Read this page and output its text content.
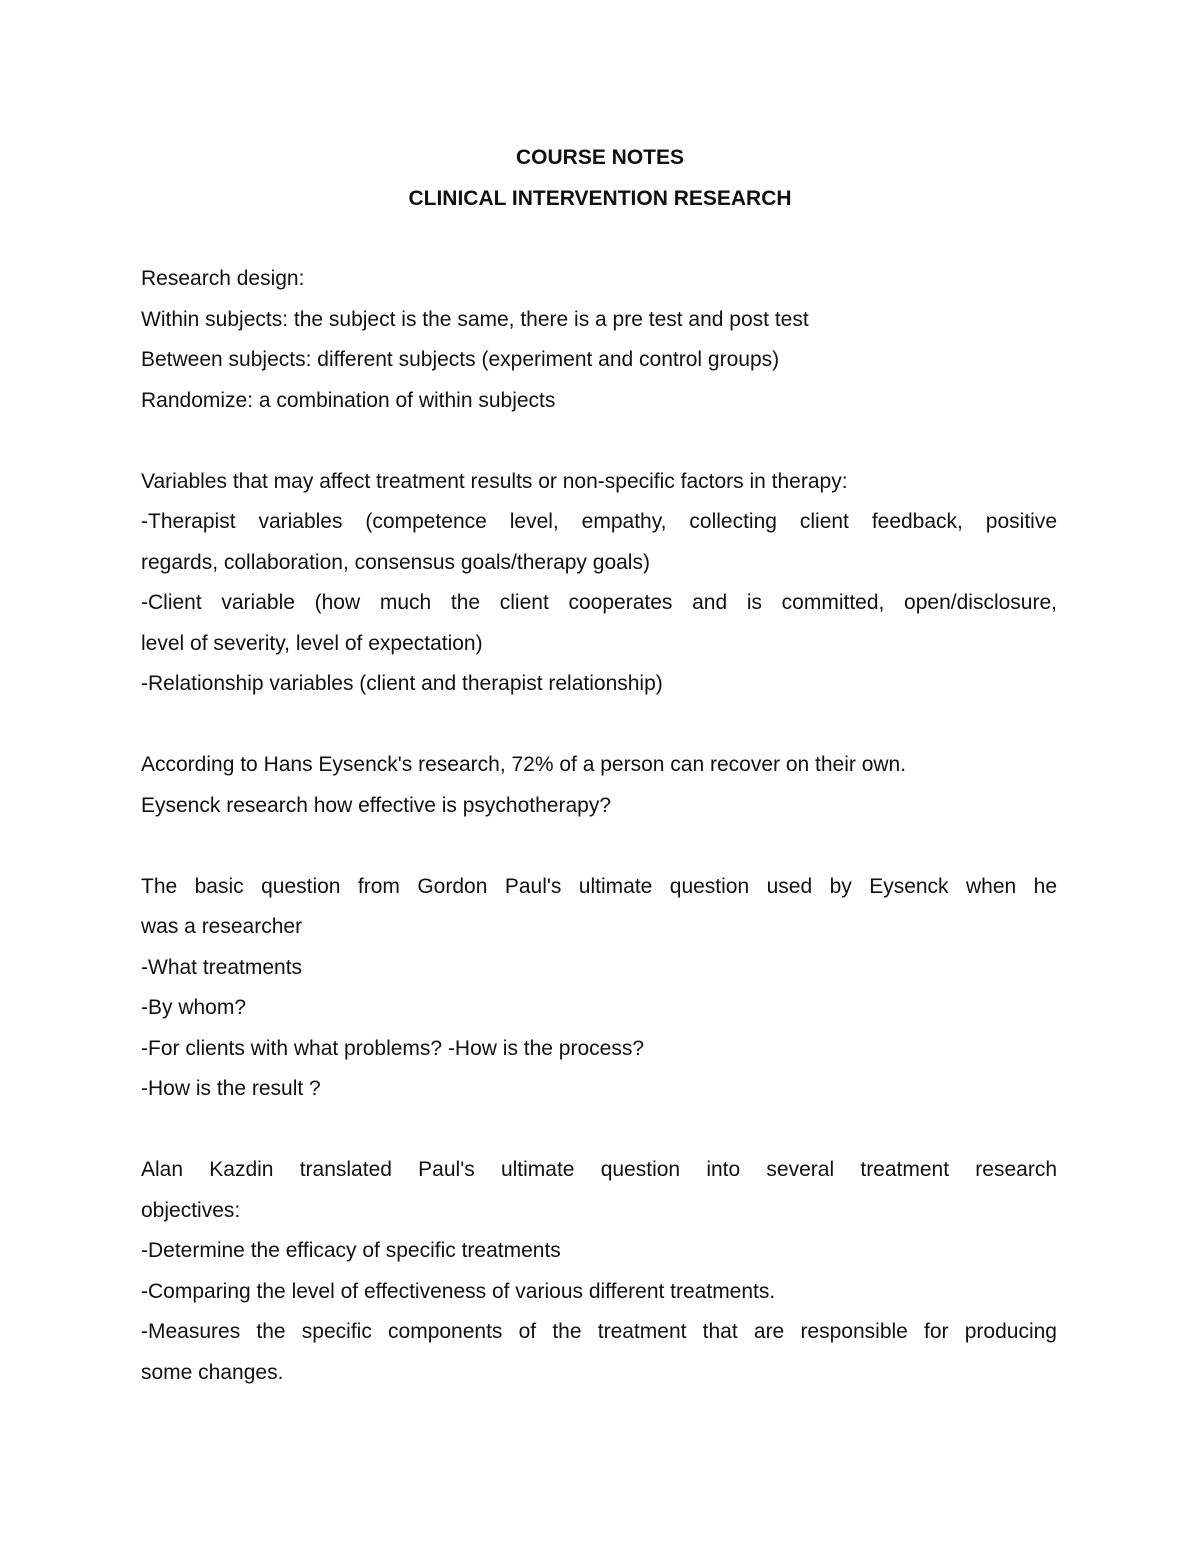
COURSE NOTES
CLINICAL INTERVENTION RESEARCH
Research design:
Within subjects: the subject is the same, there is a pre test and post test
Between subjects: different subjects (experiment and control groups)
Randomize: a combination of within subjects
Variables that may affect treatment results or non-specific factors in therapy:
-Therapist variables (competence level, empathy, collecting client feedback, positive
regards, collaboration, consensus goals/therapy goals)
-Client variable (how much the client cooperates and is committed, open/disclosure,
level of severity, level of expectation)
-Relationship variables (client and therapist relationship)
According to Hans Eysenck's research, 72% of a person can recover on their own.
Eysenck research how effective is psychotherapy?
The basic question from Gordon Paul's ultimate question used by Eysenck when he
was a researcher
-What treatments
-By whom?
-For clients with what problems? -How is the process?
-How is the result ?
Alan Kazdin translated Paul's ultimate question into several treatment research
objectives:
-Determine the efficacy of specific treatments
-Comparing the level of effectiveness of various different treatments.
-Measures the specific components of the treatment that are responsible for producing
some changes.
